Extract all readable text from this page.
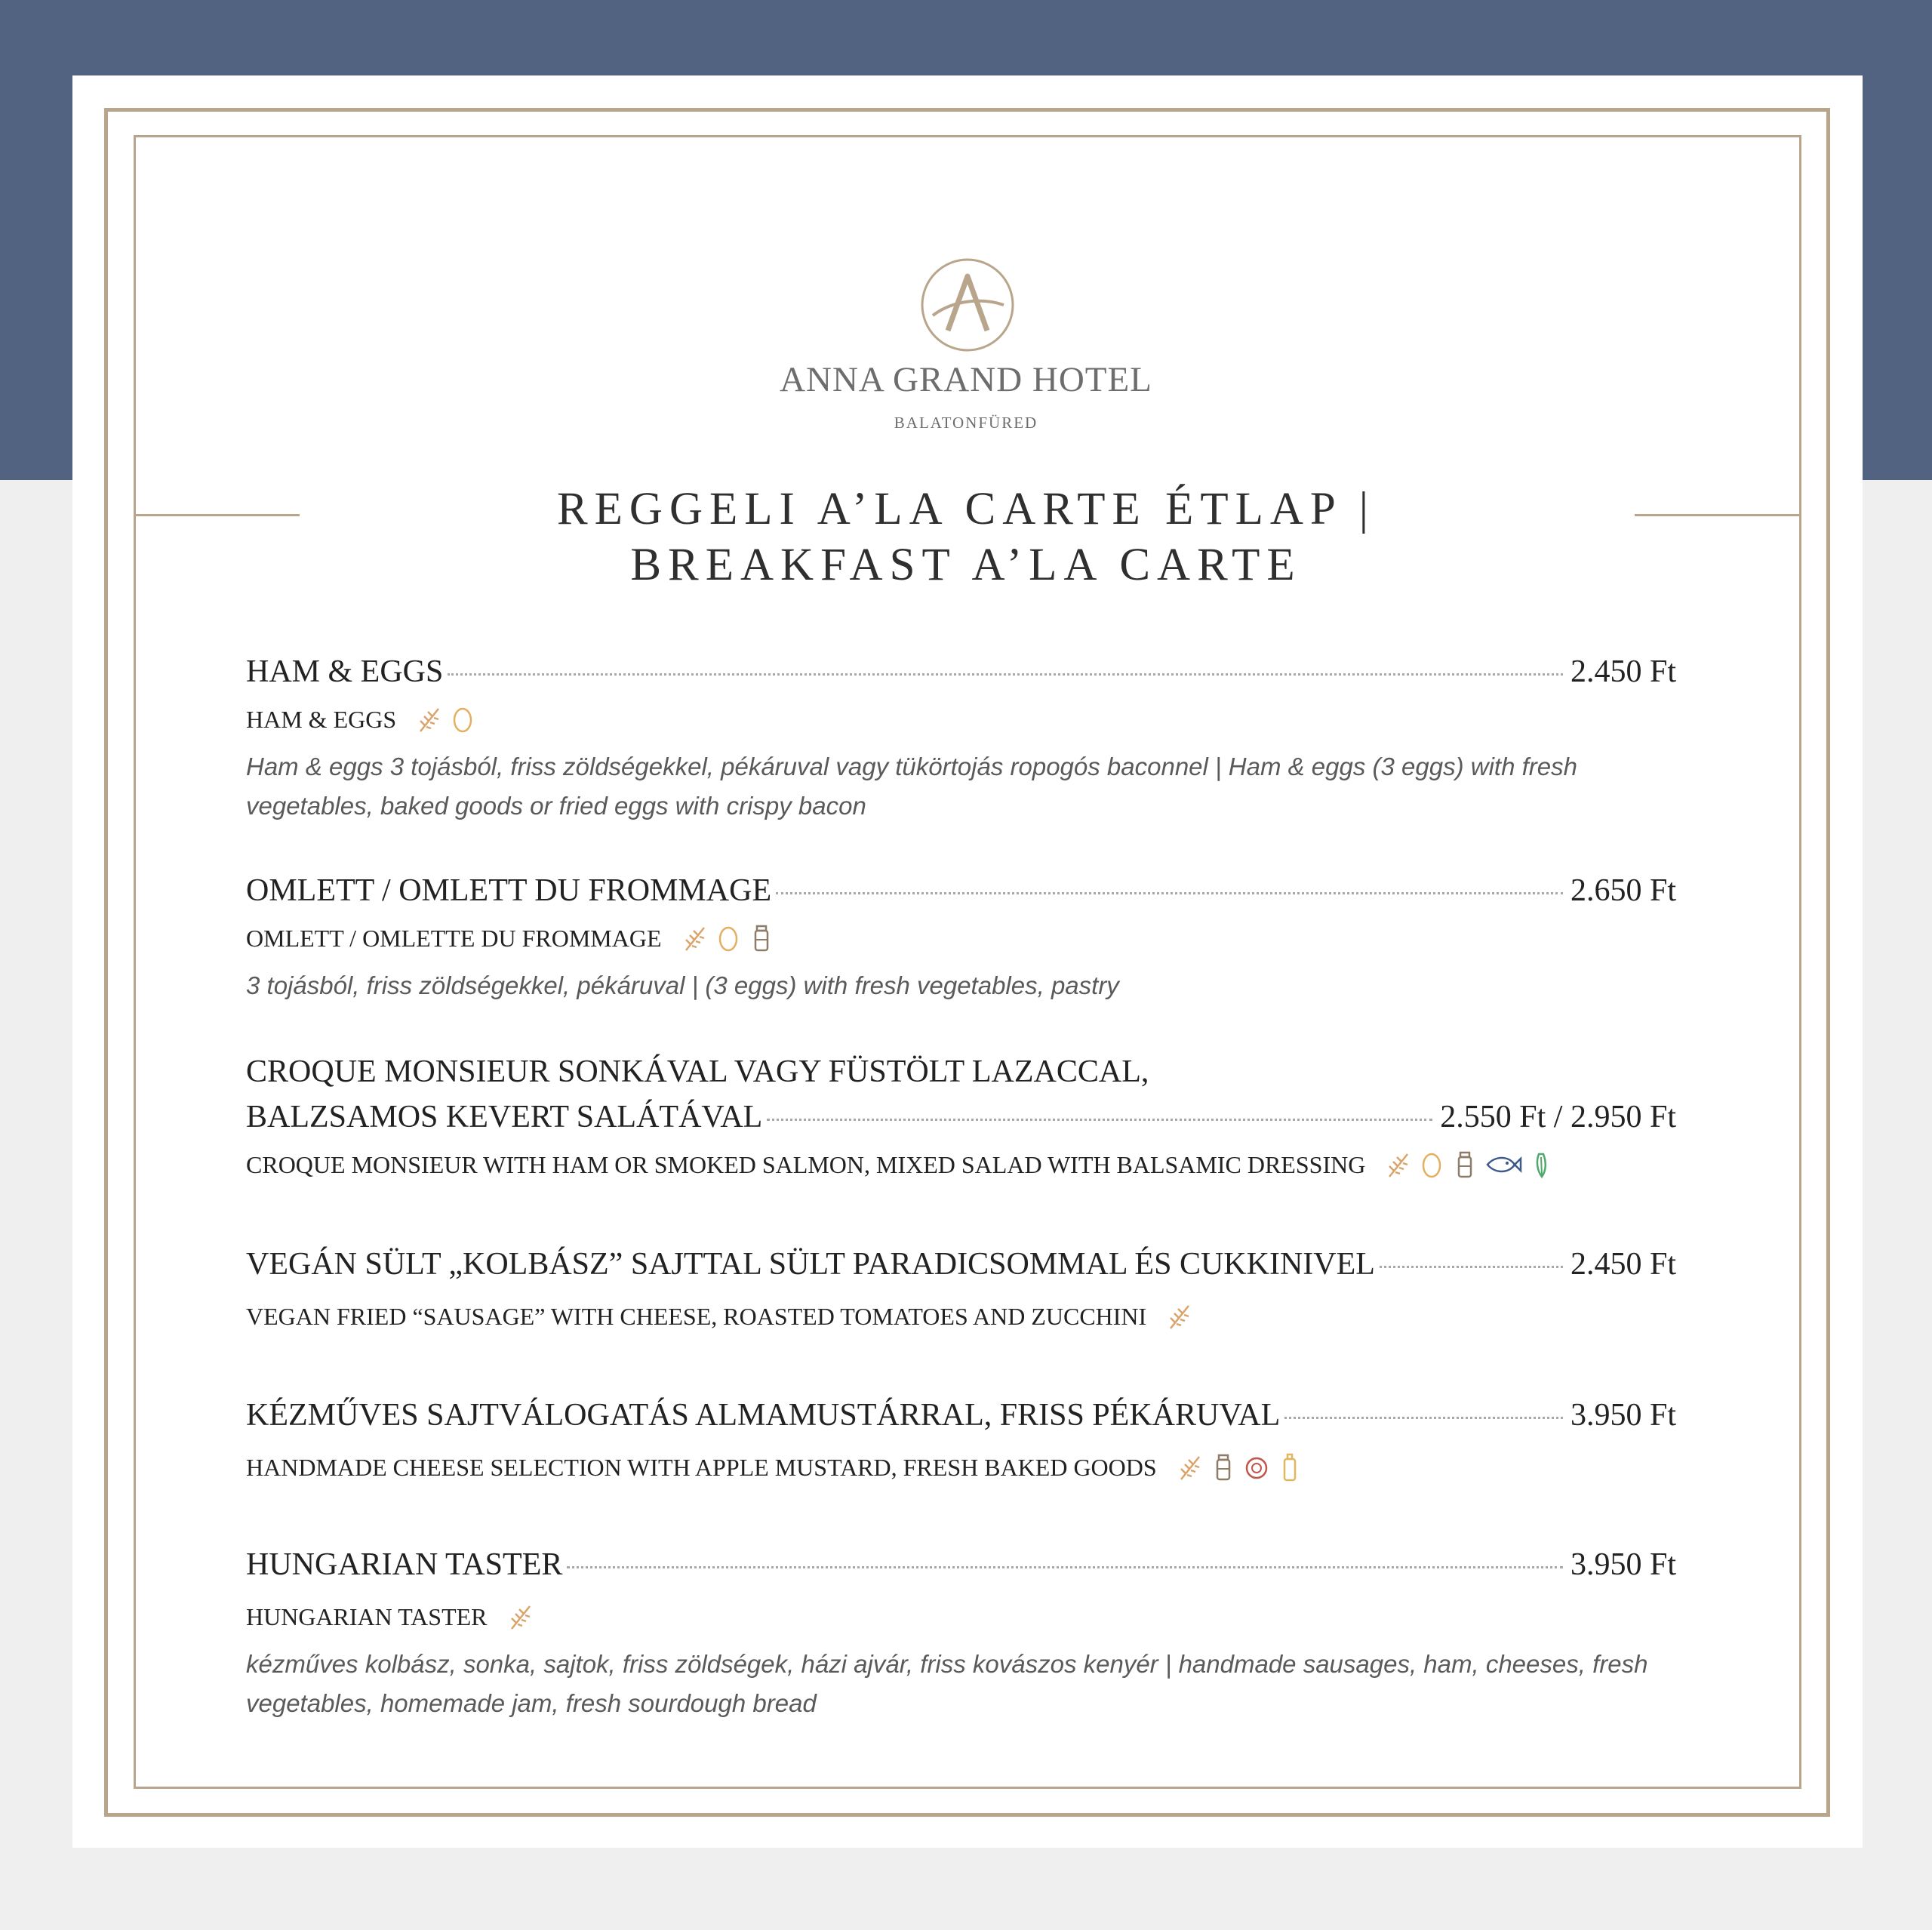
ANNA GRAND HOTEL
BALATONFÜRED
REGGELI A’LA CARTE ÉTLAP |
BREAKFAST A’LA CARTE
HAM & EGGS	2.450 Ft
HAM & EGGS
Ham & eggs 3 tojásból, friss zöldségekkel, pékáruval vagy tükörtojás ropogós baconnel | Ham & eggs (3 eggs) with fresh vegetables, baked goods or fried eggs with crispy bacon
OMLETT / OMLETT DU FROMMAGE	2.650 Ft
OMLETT / OMLETTE DU FROMMAGE
3 tojásból, friss zöldségekkel, pékáruval | (3 eggs) with fresh vegetables, pastry
CROQUE MONSIEUR SONKÁVAL VAGY FÜSTÖLT LAZACCAL,
BALZSAMOS KEVERT SALÁTÁVAL	2.550 Ft / 2.950 Ft
CROQUE MONSIEUR WITH HAM OR SMOKED SALMON, MIXED SALAD WITH BALSAMIC DRESSING
VEGÁN SÜLT „KOLBÁSZ” SAJTTAL SÜLT PARADICSOMMAL ÉS CUKKINIVEL	2.450 Ft
VEGAN FRIED “SAUSAGE” WITH CHEESE, ROASTED TOMATOES AND ZUCCHINI
KÉZMŰVES SAJTVÁLOGATÁS ALMAMUSTÁRRAL, FRISS PÉKÁRUVAL	3.950 Ft
HANDMADE CHEESE SELECTION WITH APPLE MUSTARD, FRESH BAKED GOODS
HUNGARIAN TASTER	3.950 Ft
HUNGARIAN TASTER
kézműves kolbász, sonka, sajtok, friss zöldségek, házi ajvár, friss kovászos kenyér | handmade sausages, ham, cheeses, fresh vegetables, homemade jam, fresh sourdough bread
